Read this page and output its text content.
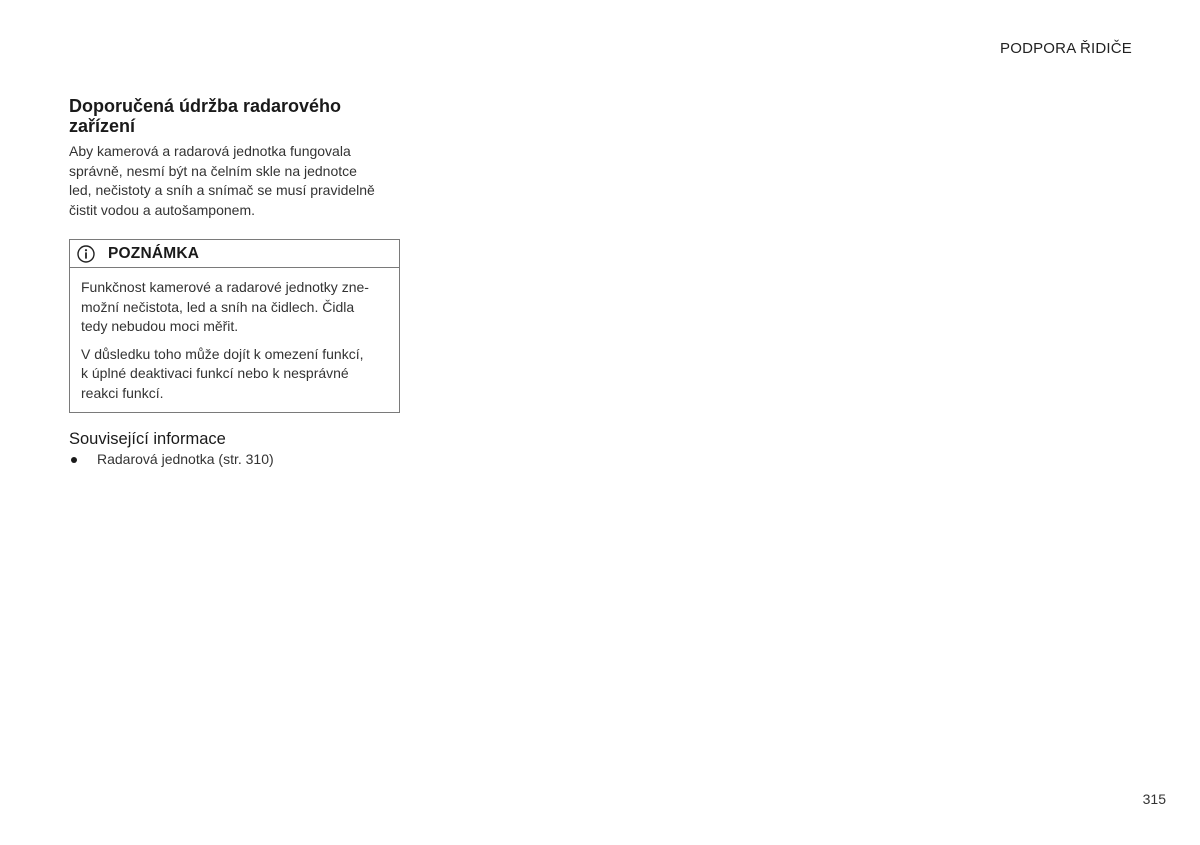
PODPORA ŘIDIČE
Doporučená údržba radarového
zařízení

Aby kamerová a radarová jednotka fungovala
správně, nesmí být na čelním skle na jednotce
led, nečistoty a sníh a snímač se musí pravidelně
čistit vodou a autošamponem.

POZNÁMKA

Funkčnost kamerové a radarové jednotky zne-
možní nečistota, led a sníh na čidlech. Čidla
tedy nebudou moci měřit.

V důsledku toho může dojít k omezení funkcí,
k úplné deaktivaci funkcí nebo k nesprávné
reakci funkcí.

Související informace
Radarová jednotka (str. 310)
315
